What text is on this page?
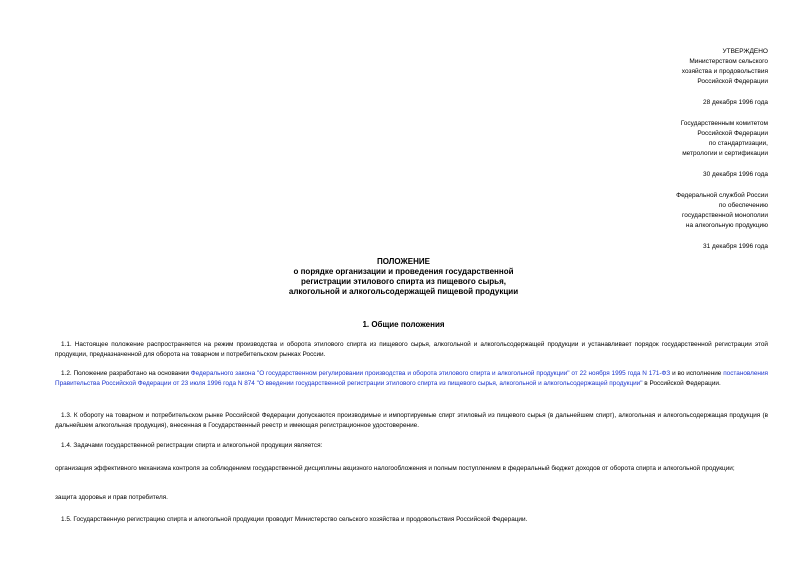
УТВЕРЖДЕНО
Министерством сельского
хозяйства и продовольствия
Российской Федерации
28 декабря 1996 года
Государственным комитетом
Российской Федерации
по стандартизации,
метрологии и сертификации
30 декабря 1996 года
Федеральной службой России
по обеспечению
государственной монополии
на алкогольную продукцию
31 декабря 1996 года
ПОЛОЖЕНИЕ
о порядке организации и проведения государственной
регистрации этилового спирта из пищевого сырья,
алкогольной и алкогольсодержащей пищевой продукции
1. Общие положения

1.1. Настоящее положение распространяется на режим производства и оборота этилового спирта из пищевого сырья, алкогольной и алкогольсодержащей продукции и устанавливает порядок государственной регистрации этой продукции, предназначенной для оборота на товарном и потребительском рынках России.

1.2. Положение разработано на основании Федерального закона "О государственном регулировании производства и оборота этилового спирта и алкогольной продукции" от 22 ноября 1995 года N 171-ФЗ и во исполнение постановления Правительства Российской Федерации от 23 июля 1996 года N 874 "О введении государственной регистрации этилового спирта из пищевого сырья, алкогольной и алкогольсодержащей продукции" в Российской Федерации.

1.3. К обороту на товарном и потребительском рынке Российской Федерации допускаются производимые и импортируемые спирт этиловый из пищевого сырья (в дальнейшем спирт), алкогольная и алкогольсодержащая продукция (в дальнейшем алкогольная продукция), внесенная в Государственный реестр и имеющая регистрационное удостоверение.

1.4. Задачами государственной регистрации спирта и алкогольной продукции является:

организация эффективного механизма контроля за соблюдением государственной дисциплины акцизного налогообложения и полным поступлением в федеральный бюджет доходов от оборота спирта и алкогольной продукции;

защита здоровья и прав потребителя.

1.5. Государственную регистрацию спирта и алкогольной продукции проводит Министерство сельского хозяйства и продовольствия Российской Федерации.
